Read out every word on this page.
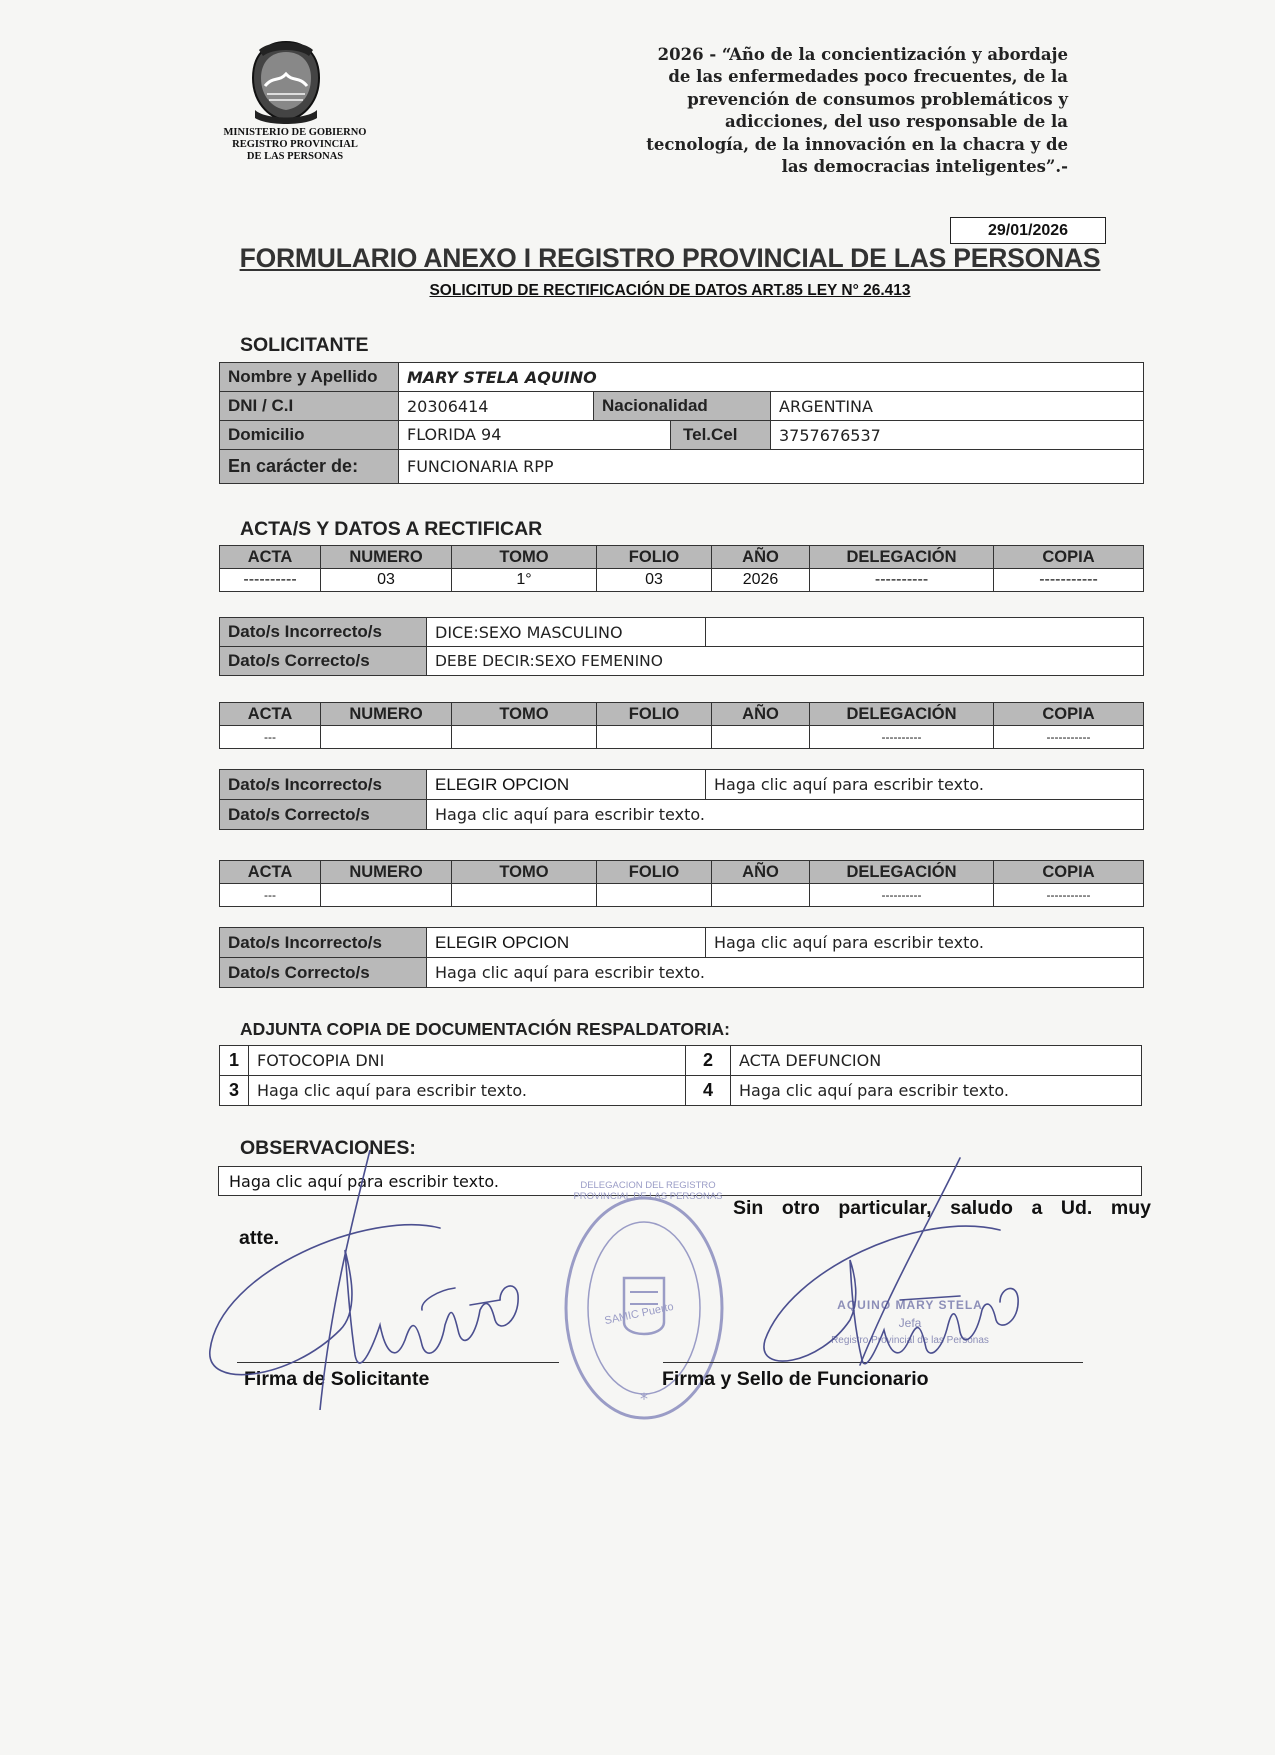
MINISTERIO DE GOBIERNO
REGISTRO PROVINCIAL
DE LAS PERSONAS
2026 - “Año de la concientización y abordaje
de las enfermedades poco frecuentes, de la
prevención de consumos problemáticos y
adicciones, del uso responsable de la
tecnología, de la innovación en la chacra y de
las democracias inteligentes”.-
29/01/2026
FORMULARIO ANEXO I REGISTRO PROVINCIAL DE LAS PERSONAS
SOLICITUD DE RECTIFICACIÓN DE DATOS ART.85 LEY N° 26.413
SOLICITANTE
Nombre y Apellido	MARY STELA AQUINO		
DNI / C.I	20306414	Nacionalidad	ARGENTINA
Domicilio	FLORIDA 94 Tel.Cel		3757676537
En carácter de:	FUNCIONARIA RPP		
ACTA/S Y DATOS A RECTIFICAR
ACTA	NUMERO	TOMO	FOLIO	AÑO	DELEGACIÓN	COPIA
----------	03	1°	03	2026	----------	-----------
Dato/s Incorrecto/s	DICE:SEXO MASCULINO	
Dato/s Correcto/s	DEBE DECIR:SEXO FEMENINO	
ACTA	NUMERO	TOMO	FOLIO	AÑO	DELEGACIÓN	COPIA
---					----------	-----------
Dato/s Incorrecto/s	ELEGIR OPCION	Haga clic aquí para escribir texto.
Dato/s Correcto/s	Haga clic aquí para escribir texto.	
ACTA	NUMERO	TOMO	FOLIO	AÑO	DELEGACIÓN	COPIA
---					----------	-----------
Dato/s Incorrecto/s	ELEGIR OPCION	Haga clic aquí para escribir texto.
Dato/s Correcto/s	Haga clic aquí para escribir texto.	
ADJUNTA COPIA DE DOCUMENTACIÓN RESPALDATORIA:
1	FOTOCOPIA DNI	2	ACTA DEFUNCION
3	Haga clic aquí para escribir texto.	4	Haga clic aquí para escribir texto.
OBSERVACIONES:
Haga clic aquí para escribir texto.
Sin otro particular, saludo a Ud. muy
atte.
*
SAMIC Puerto
DELEGACION DEL REGISTRO PROVINCIAL DE LAS PERSONAS
AQUINO MARY STELA
Jefa
Registro Provincial de las Personas
Firma de Solicitante	Firma y Sello de Funcionario
